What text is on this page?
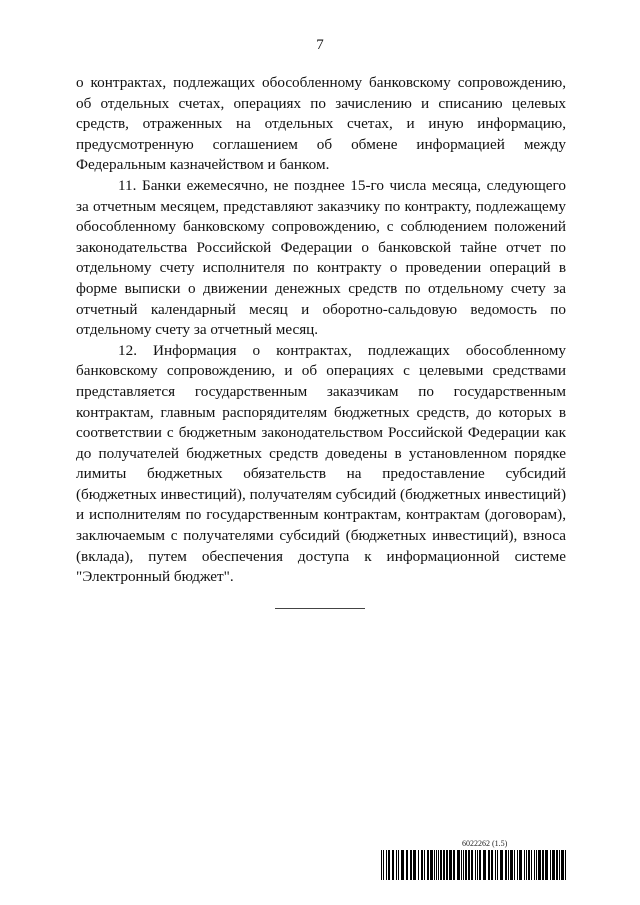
7

о контрактах, подлежащих обособленному банковскому сопровождению, об отдельных счетах, операциях по зачислению и списанию целевых средств, отраженных на отдельных счетах, и иную информацию, предусмотренную соглашением об обмене информацией между Федеральным казначейством и банком.

11. Банки ежемесячно, не позднее 15-го числа месяца, следующего за отчетным месяцем, представляют заказчику по контракту, подлежащему обособленному банковскому сопровождению, с соблюдением положений законодательства Российской Федерации о банковской тайне отчет по отдельному счету исполнителя по контракту о проведении операций в форме выписки о движении денежных средств по отдельному счету за отчетный календарный месяц и оборотно-сальдовую ведомость по отдельному счету за отчетный месяц.

12. Информация о контрактах, подлежащих обособленному банковскому сопровождению, и об операциях с целевыми средствами представляется государственным заказчикам по государственным контрактам, главным распорядителям бюджетных средств, до которых в соответствии с бюджетным законодательством Российской Федерации как до получателей бюджетных средств доведены в установленном порядке лимиты бюджетных обязательств на предоставление субсидий (бюджетных инвестиций), получателям субсидий (бюджетных инвестиций) и исполнителям по государственным контрактам, контрактам (договорам), заключаемым с получателями субсидий (бюджетных инвестиций), взноса (вклада), путем обеспечения доступа к информационной системе "Электронный бюджет".

6022262 (1.5)
